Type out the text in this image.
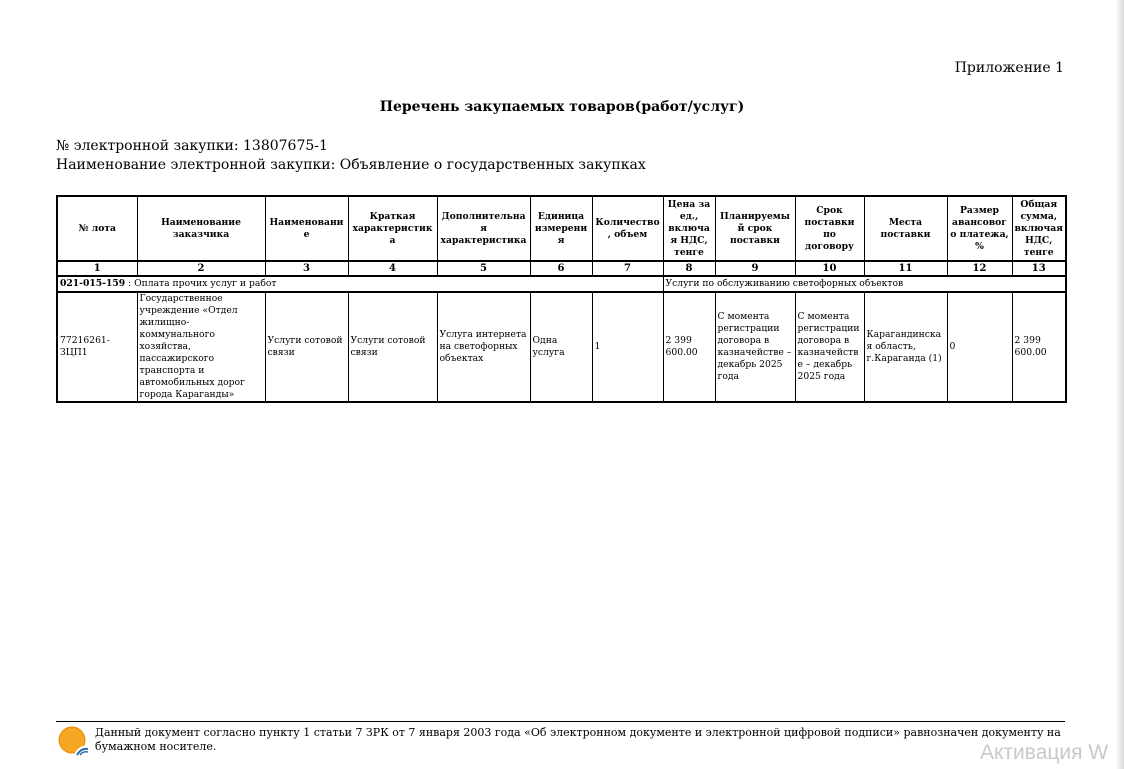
Приложение 1
Перечень закупаемых товаров(работ/услуг)
№ электронной закупки: 13807675-1
Наименование электронной закупки: Объявление о государственных закупках
№ лота	Наименование заказчика	Наименование	Краткая характеристика	Дополнительная характеристика	Единица измерения	Количество, объем	Цена за ед., включая НДС, тенге	Планируемый срок поставки	Срок поставки по договору	Места поставки	Размер авансового платежа, %	Общая сумма, включая НДС, тенге
1	2	3	4	5	6	7	8	9	10	11	12	13
021-015-159 : Оплата прочих услуг и работ							Услуги по обслуживанию светофорных объектов					
77216261-ЗЦП1	Государственное учреждение «Отдел жилищно-коммунального хозяйства, пассажирского транспорта и автомобильных дорог города Караганды»	Услуги сотовой связи	Услуги сотовой связи	Услуга интернета на светофорных объектах	Одна услуга	1	2 399 600.00	С момента регистрации договора в казначействе – декабрь 2025 года	С момента регистрации договора в казначействе – декабрь 2025 года	Карагандинская область, г.Караганда (1)	0	2 399 600.00
Данный документ согласно пункту 1 статьи 7 ЗРК от 7 января 2003 года «Об электронном документе и электронной цифровой подписи» равнозначен документу на бумажном носителе.	Активация W
